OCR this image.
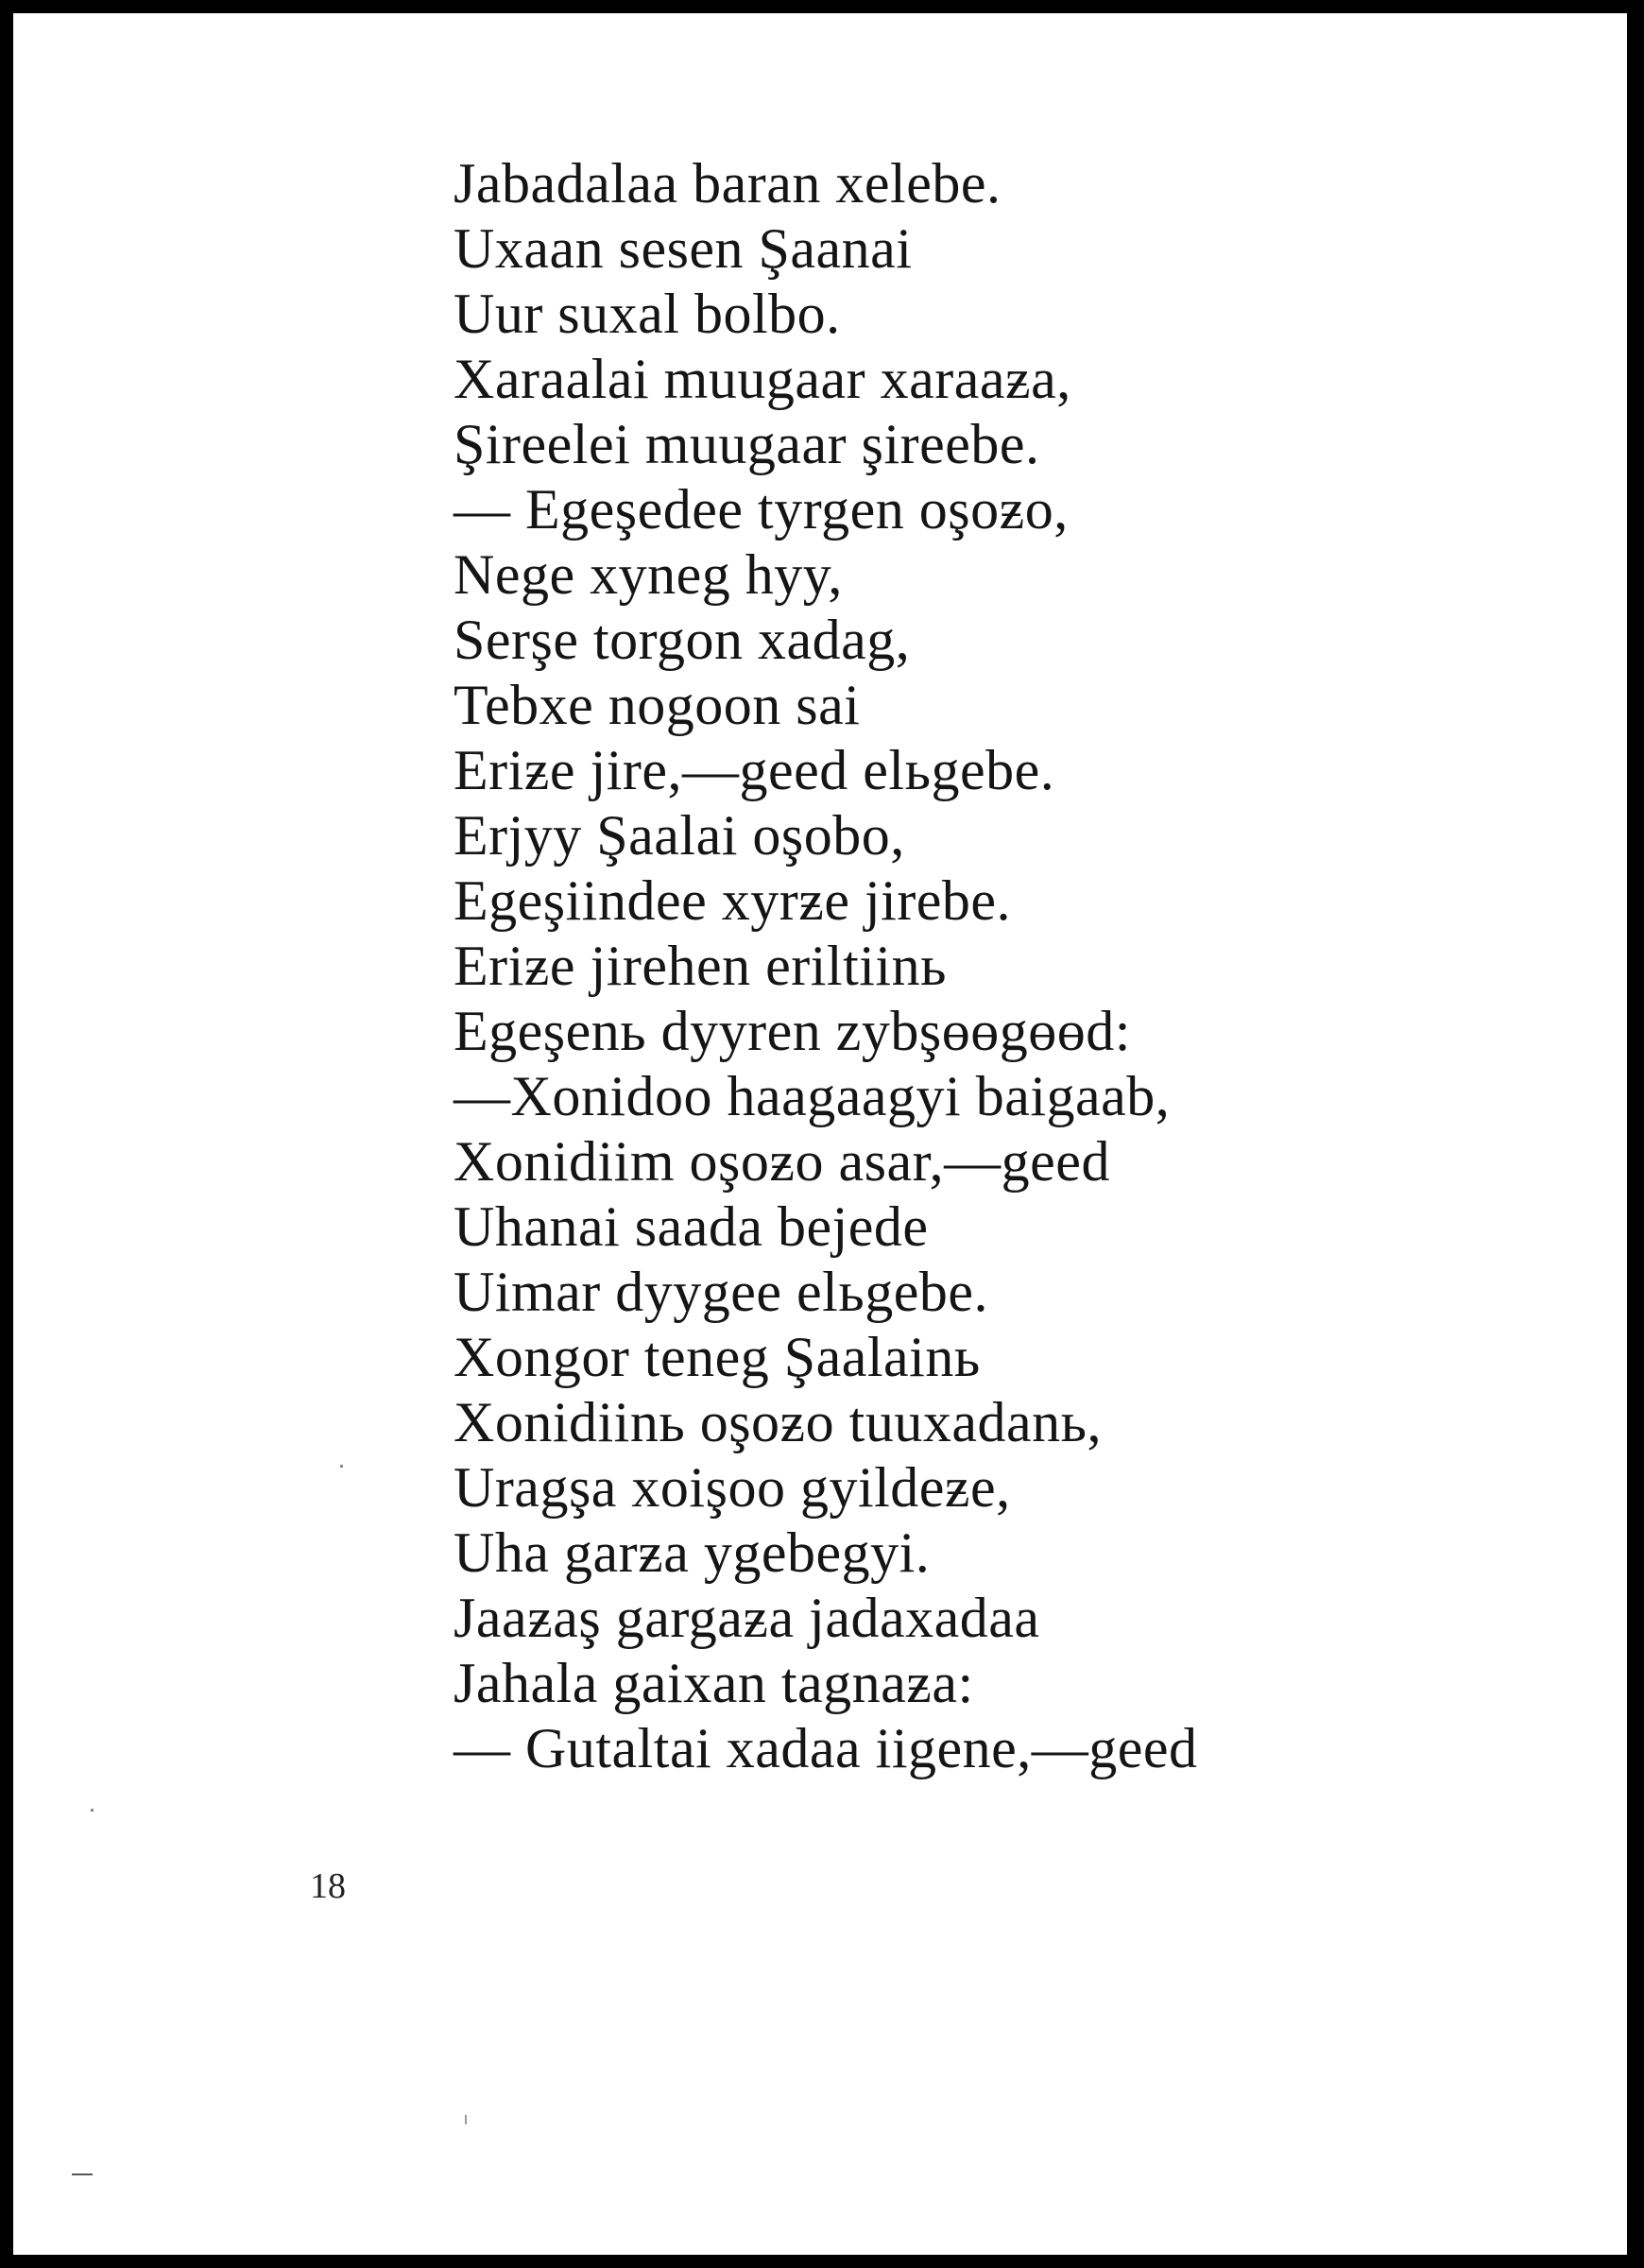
Jabadalaa baran xelebe.
Uxaan sesen Şaanai
Uur suxal bolbo.
Xaraalai muugaar xaraaƶa,
Şireelei muugaar şireebe.
— Egeşedee tyrgen oşoƶo,
Nege xyneg hyy,
Serşe torgon xadag,
Tebxe nogoon sai
Eriƶe jire,—geed elьgebe.
Erjyy Şaalai oşobo,
Egeşiindee xyrƶe jirebe.
Eriƶe jirehen eriltiinь
Egeşenь dyyren zybşɵɵgɵɵd:
—Xonidoo haagaagyi baigaab,
Xonidiim oşoƶo asar,—geed
Uhanai saada bejede
Uimar dyygee elьgebe.
Xongor teneg Şaalainь
Xonidiinь oşoƶo tuuxadanь,
Uragşa xoişoo gyildeƶe,
Uha garƶa ygebegyi.
Jaaƶaş gargaƶa jadaxadaa
Jahala gaixan tagnaƶa:
— Gutaltai xadaa iigene,—geed
18
